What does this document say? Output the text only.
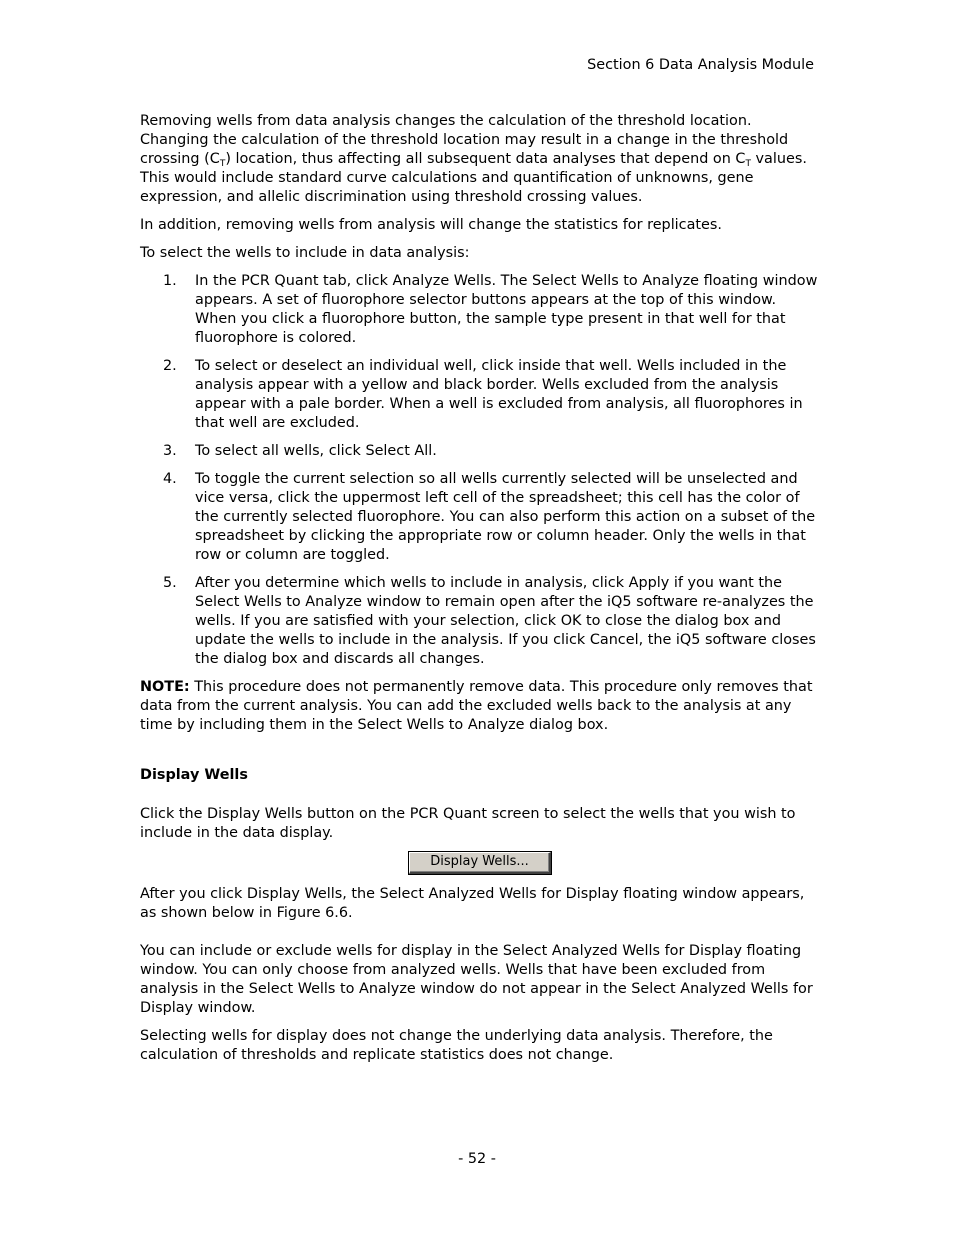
Section 6 Data Analysis Module

Removing wells from data analysis changes the calculation of the threshold location. Changing the calculation of the threshold location may result in a change in the threshold crossing $(C_T)$ location, thus affecting all subsequent data analyses that depend on $C_T$ values. This would include standard curve calculations and quantification of unknowns, gene expression, and allelic discrimination using threshold crossing values.

In addition, removing wells from analysis will change the statistics for replicates.

To select the wells to include in data analysis:

1. In the PCR Quant tab, click Analyze Wells. The Select Wells to Analyze floating window appears. A set of fluorophore selector buttons appears at the top of this window. When you click a fluorophore button, the sample type present in that well for that fluorophore is colored.
2. To select or deselect an individual well, click inside that well. Wells included in the analysis appear with a yellow and black border. Wells excluded from the analysis appear with a pale border. When a well is excluded from analysis, all fluorophores in that well are excluded.
3. To select all wells, click Select All.
4. To toggle the current selection so all wells currently selected will be unselected and vice versa, click the uppermost left cell of the spreadsheet; this cell has the color of the currently selected fluorophore. You can also perform this action on a subset of the spreadsheet by clicking the appropriate row or column header. Only the wells in that row or column are toggled.
5. After you determine which wells to include in analysis, click Apply if you want the Select Wells to Analyze window to remain open after the iQ5 software re-analyzes the wells. If you are satisfied with your selection, click OK to close the dialog box and update the wells to include in the analysis. If you click Cancel, the iQ5 software closes the dialog box and discards all changes.

NOTE: This procedure does not permanently remove data. This procedure only removes that data from the current analysis. You can add the excluded wells back to the analysis at any time by including them in the Select Wells to Analyze dialog box.

Display Wells

Click the Display Wells button on the PCR Quant screen to select the wells that you wish to include in the data display.

Display Wells...

After you click Display Wells, the Select Analyzed Wells for Display floating window appears, as shown below in Figure 6.6.

You can include or exclude wells for display in the Select Analyzed Wells for Display floating window. You can only choose from analyzed wells. Wells that have been excluded from analysis in the Select Wells to Analyze window do not appear in the Select Analyzed Wells for Display window.

Selecting wells for display does not change the underlying data analysis. Therefore, the calculation of thresholds and replicate statistics does not change.

- 52 -
